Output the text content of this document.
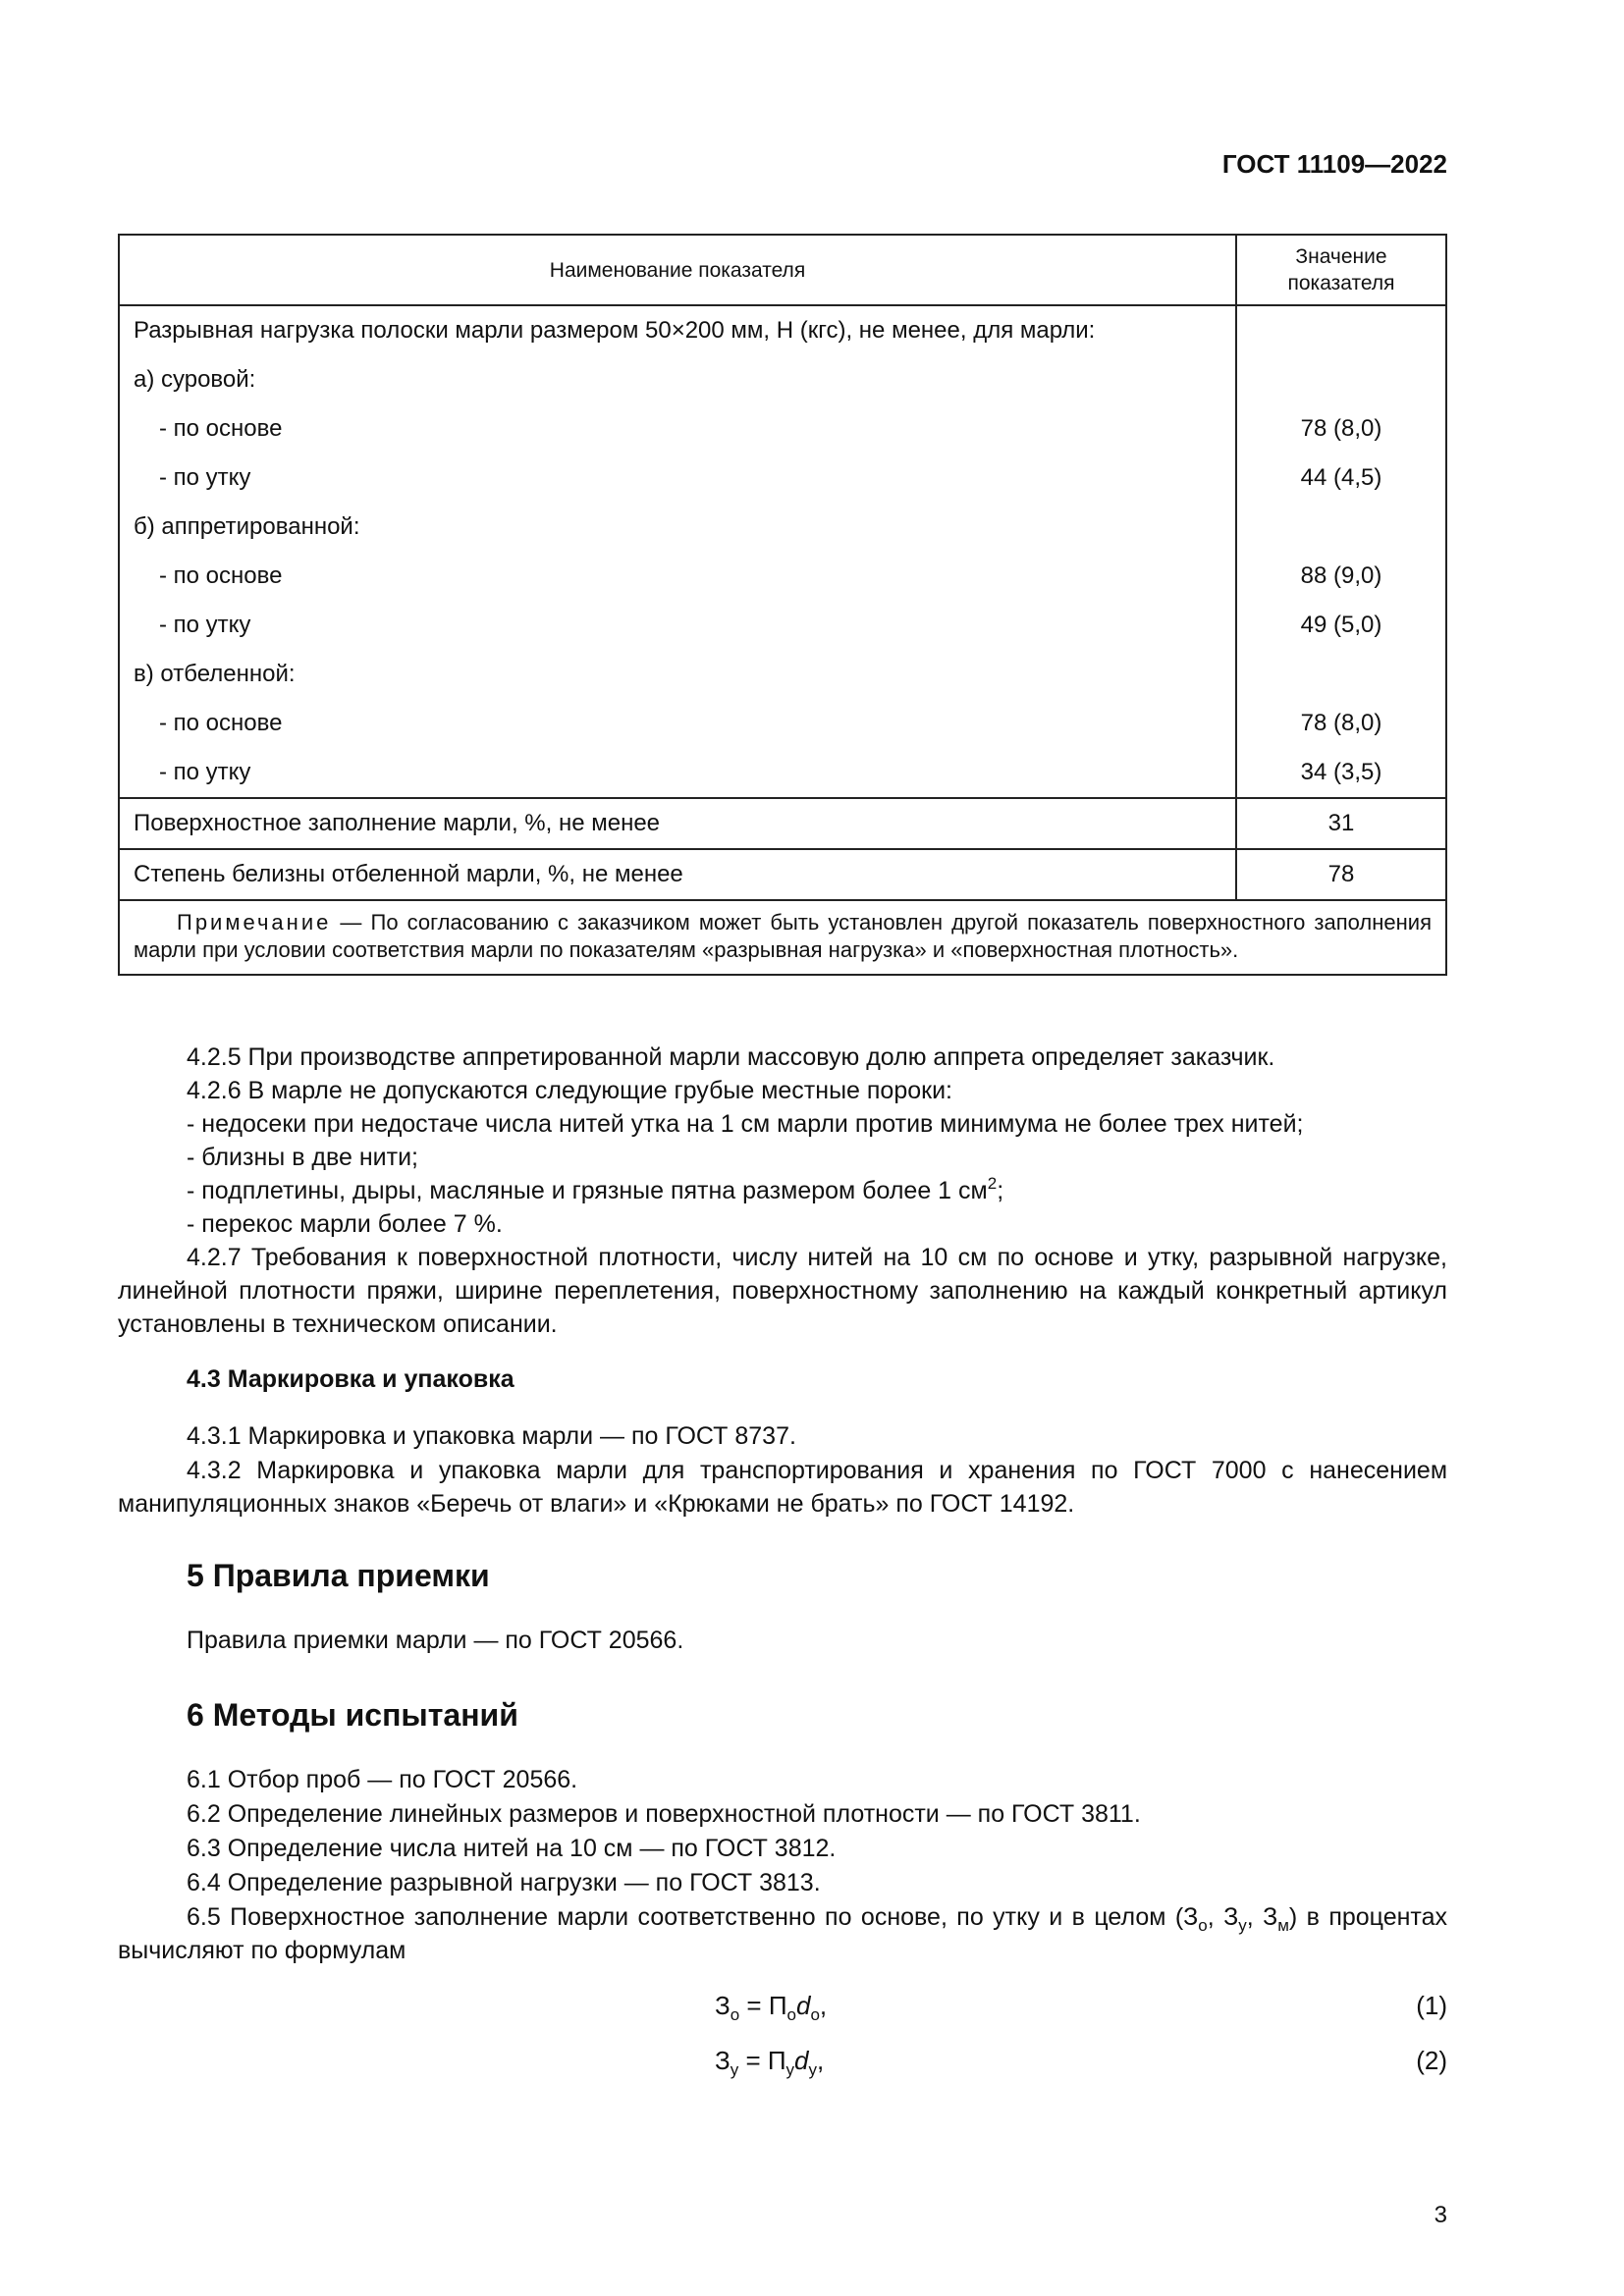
ГОСТ 11109—2022
Наименование показателя	Значение показателя
Разрывная нагрузка полоски марли размером 50×200 мм, Н (кгс), не менее, для марли:	
а) суровой:	
- по основе	78 (8,0)
- по утку	44 (4,5)
б) аппретированной:	
- по основе	88 (9,0)
- по утку	49 (5,0)
в) отбеленной:	
- по основе	78 (8,0)
- по утку	34 (3,5)
Поверхностное заполнение марли, %, не менее	31
Степень белизны отбеленной марли, %, не менее	78
Примечание — По согласованию с заказчиком может быть установлен другой показатель поверхностного заполнения марли при условии соответствия марли по показателям «разрывная нагрузка» и «поверхностная плотность».	
4.2.5 При производстве аппретированной марли массовую долю аппрета определяет заказчик.
4.2.6 В марле не допускаются следующие грубые местные пороки:
- недосеки при недостаче числа нитей утка на 1 см марли против минимума не более трех нитей;
- близны в две нити;
- подплетины, дыры, масляные и грязные пятна размером более 1 $см^2$;
- перекос марли более 7 %.
4.2.7 Требования к поверхностной плотности, числу нитей на 10 см по основе и утку, разрывной нагрузке, линейной плотности пряжи, ширине переплетения, поверхностному заполнению на каждый конкретный артикул установлены в техническом описании.
4.3 Маркировка и упаковка
4.3.1 Маркировка и упаковка марли — по ГОСТ 8737.
4.3.2 Маркировка и упаковка марли для транспортирования и хранения по ГОСТ 7000 с нанесением манипуляционных знаков «Беречь от влаги» и «Крюками не брать» по ГОСТ 14192.
5 Правила приемки
Правила приемки марли — по ГОСТ 20566.
6 Методы испытаний
6.1 Отбор проб — по ГОСТ 20566.
6.2 Определение линейных размеров и поверхностной плотности — по ГОСТ 3811.
6.3 Определение числа нитей на 10 см — по ГОСТ 3812.
6.4 Определение разрывной нагрузки — по ГОСТ 3813.
6.5 Поверхностное заполнение марли соответственно по основе, по утку и в целом ($З_о$, $З_у$, $З_м$) в процентах вычисляют по формулам
$З_о = П_оd_о$,	(1)
$З_у = П_уd_у$,	(2)
3
